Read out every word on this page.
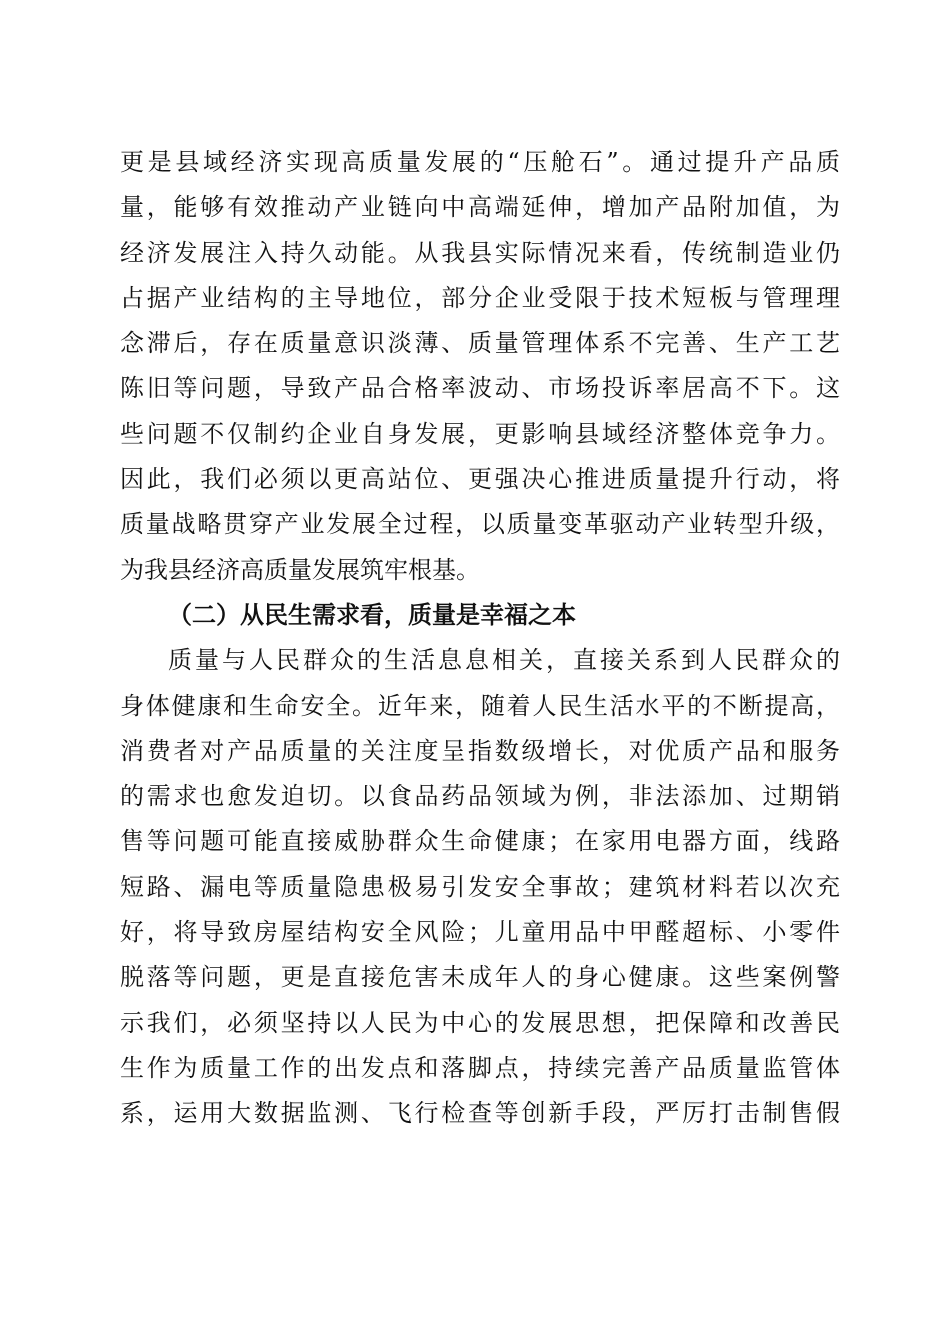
更是县域经济实现高质量发展的“压舱石”。通过提升产品质
量，能够有效推动产业链向中高端延伸，增加产品附加值，为
经济发展注入持久动能。从我县实际情况来看，传统制造业仍
占据产业结构的主导地位，部分企业受限于技术短板与管理理
念滞后，存在质量意识淡薄、质量管理体系不完善、生产工艺
陈旧等问题，导致产品合格率波动、市场投诉率居高不下。这
些问题不仅制约企业自身发展，更影响县域经济整体竞争力。
因此，我们必须以更高站位、更强决心推进质量提升行动，将
质量战略贯穿产业发展全过程，以质量变革驱动产业转型升级，
为我县经济高质量发展筑牢根基。
（二）从民生需求看，质量是幸福之本
质量与人民群众的生活息息相关，直接关系到人民群众的
身体健康和生命安全。近年来，随着人民生活水平的不断提高，
消费者对产品质量的关注度呈指数级增长，对优质产品和服务
的需求也愈发迫切。以食品药品领域为例，非法添加、过期销
售等问题可能直接威胁群众生命健康；在家用电器方面，线路
短路、漏电等质量隐患极易引发安全事故；建筑材料若以次充
好，将导致房屋结构安全风险；儿童用品中甲醛超标、小零件
脱落等问题，更是直接危害未成年人的身心健康。这些案例警
示我们，必须坚持以人民为中心的发展思想，把保障和改善民
生作为质量工作的出发点和落脚点，持续完善产品质量监管体
系，运用大数据监测、飞行检查等创新手段，严厉打击制售假
